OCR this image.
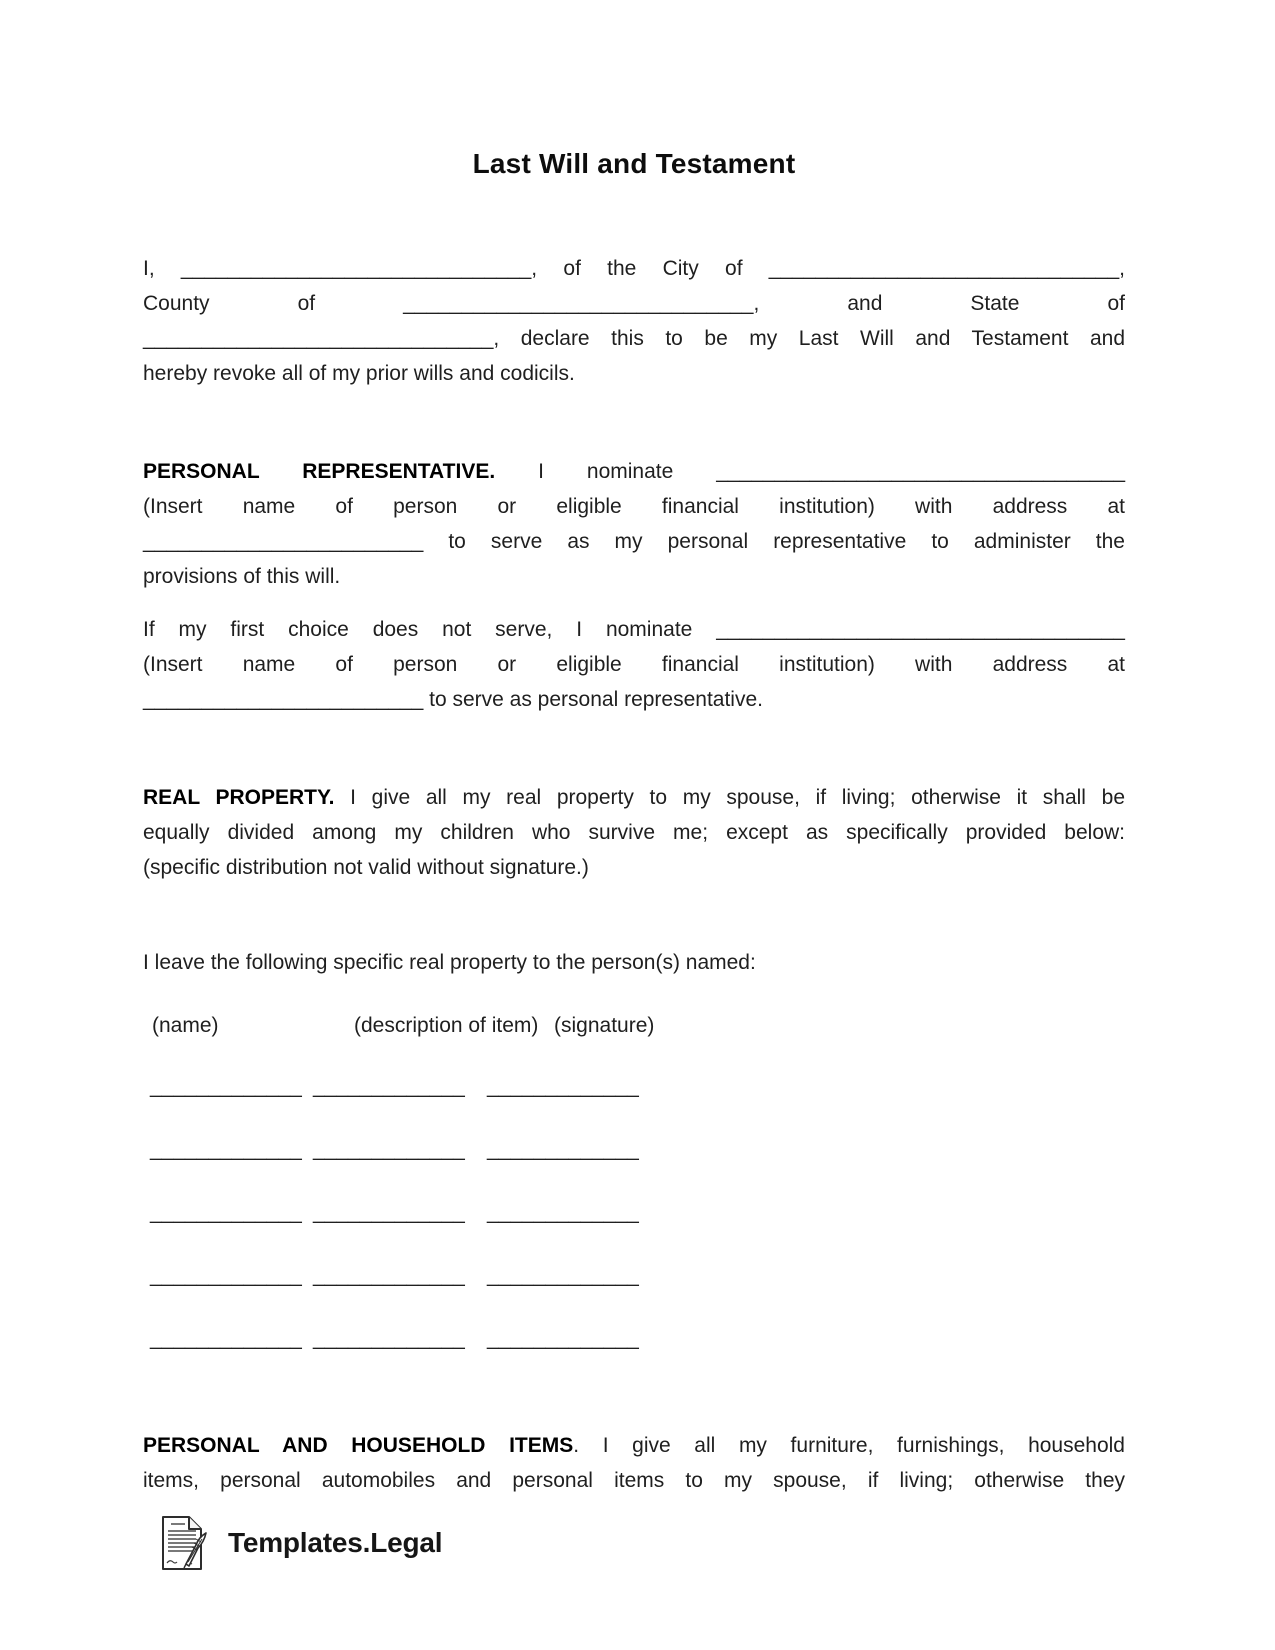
Last Will and Testament
I, ______________________________, of the City of ______________________________,
County of ______________________________, and State of
______________________________, declare this to be my Last Will and Testament and
hereby revoke all of my prior wills and codicils.
PERSONAL REPRESENTATIVE. I nominate ___________________________________
(Insert name of person or eligible financial institution) with address at
________________________ to serve as my personal representative to administer the
provisions of this will.
If my first choice does not serve, I nominate ___________________________________
(Insert name of person or eligible financial institution) with address at
________________________ to serve as personal representative.
REAL PROPERTY. I give all my real property to my spouse, if living; otherwise it shall be
equally divided among my children who survive me; except as specifically provided below:
(specific distribution not valid without signature.)
I leave the following specific real property to the person(s) named:
(name)	(description of item) (signature)
_____________ _____________ _____________
_____________ _____________ _____________
_____________ _____________ _____________
_____________ _____________ _____________
_____________ _____________ _____________
PERSONAL AND HOUSEHOLD ITEMS. I give all my furniture, furnishings, household
items, personal automobiles and personal items to my spouse, if living; otherwise they
Templates.Legal
